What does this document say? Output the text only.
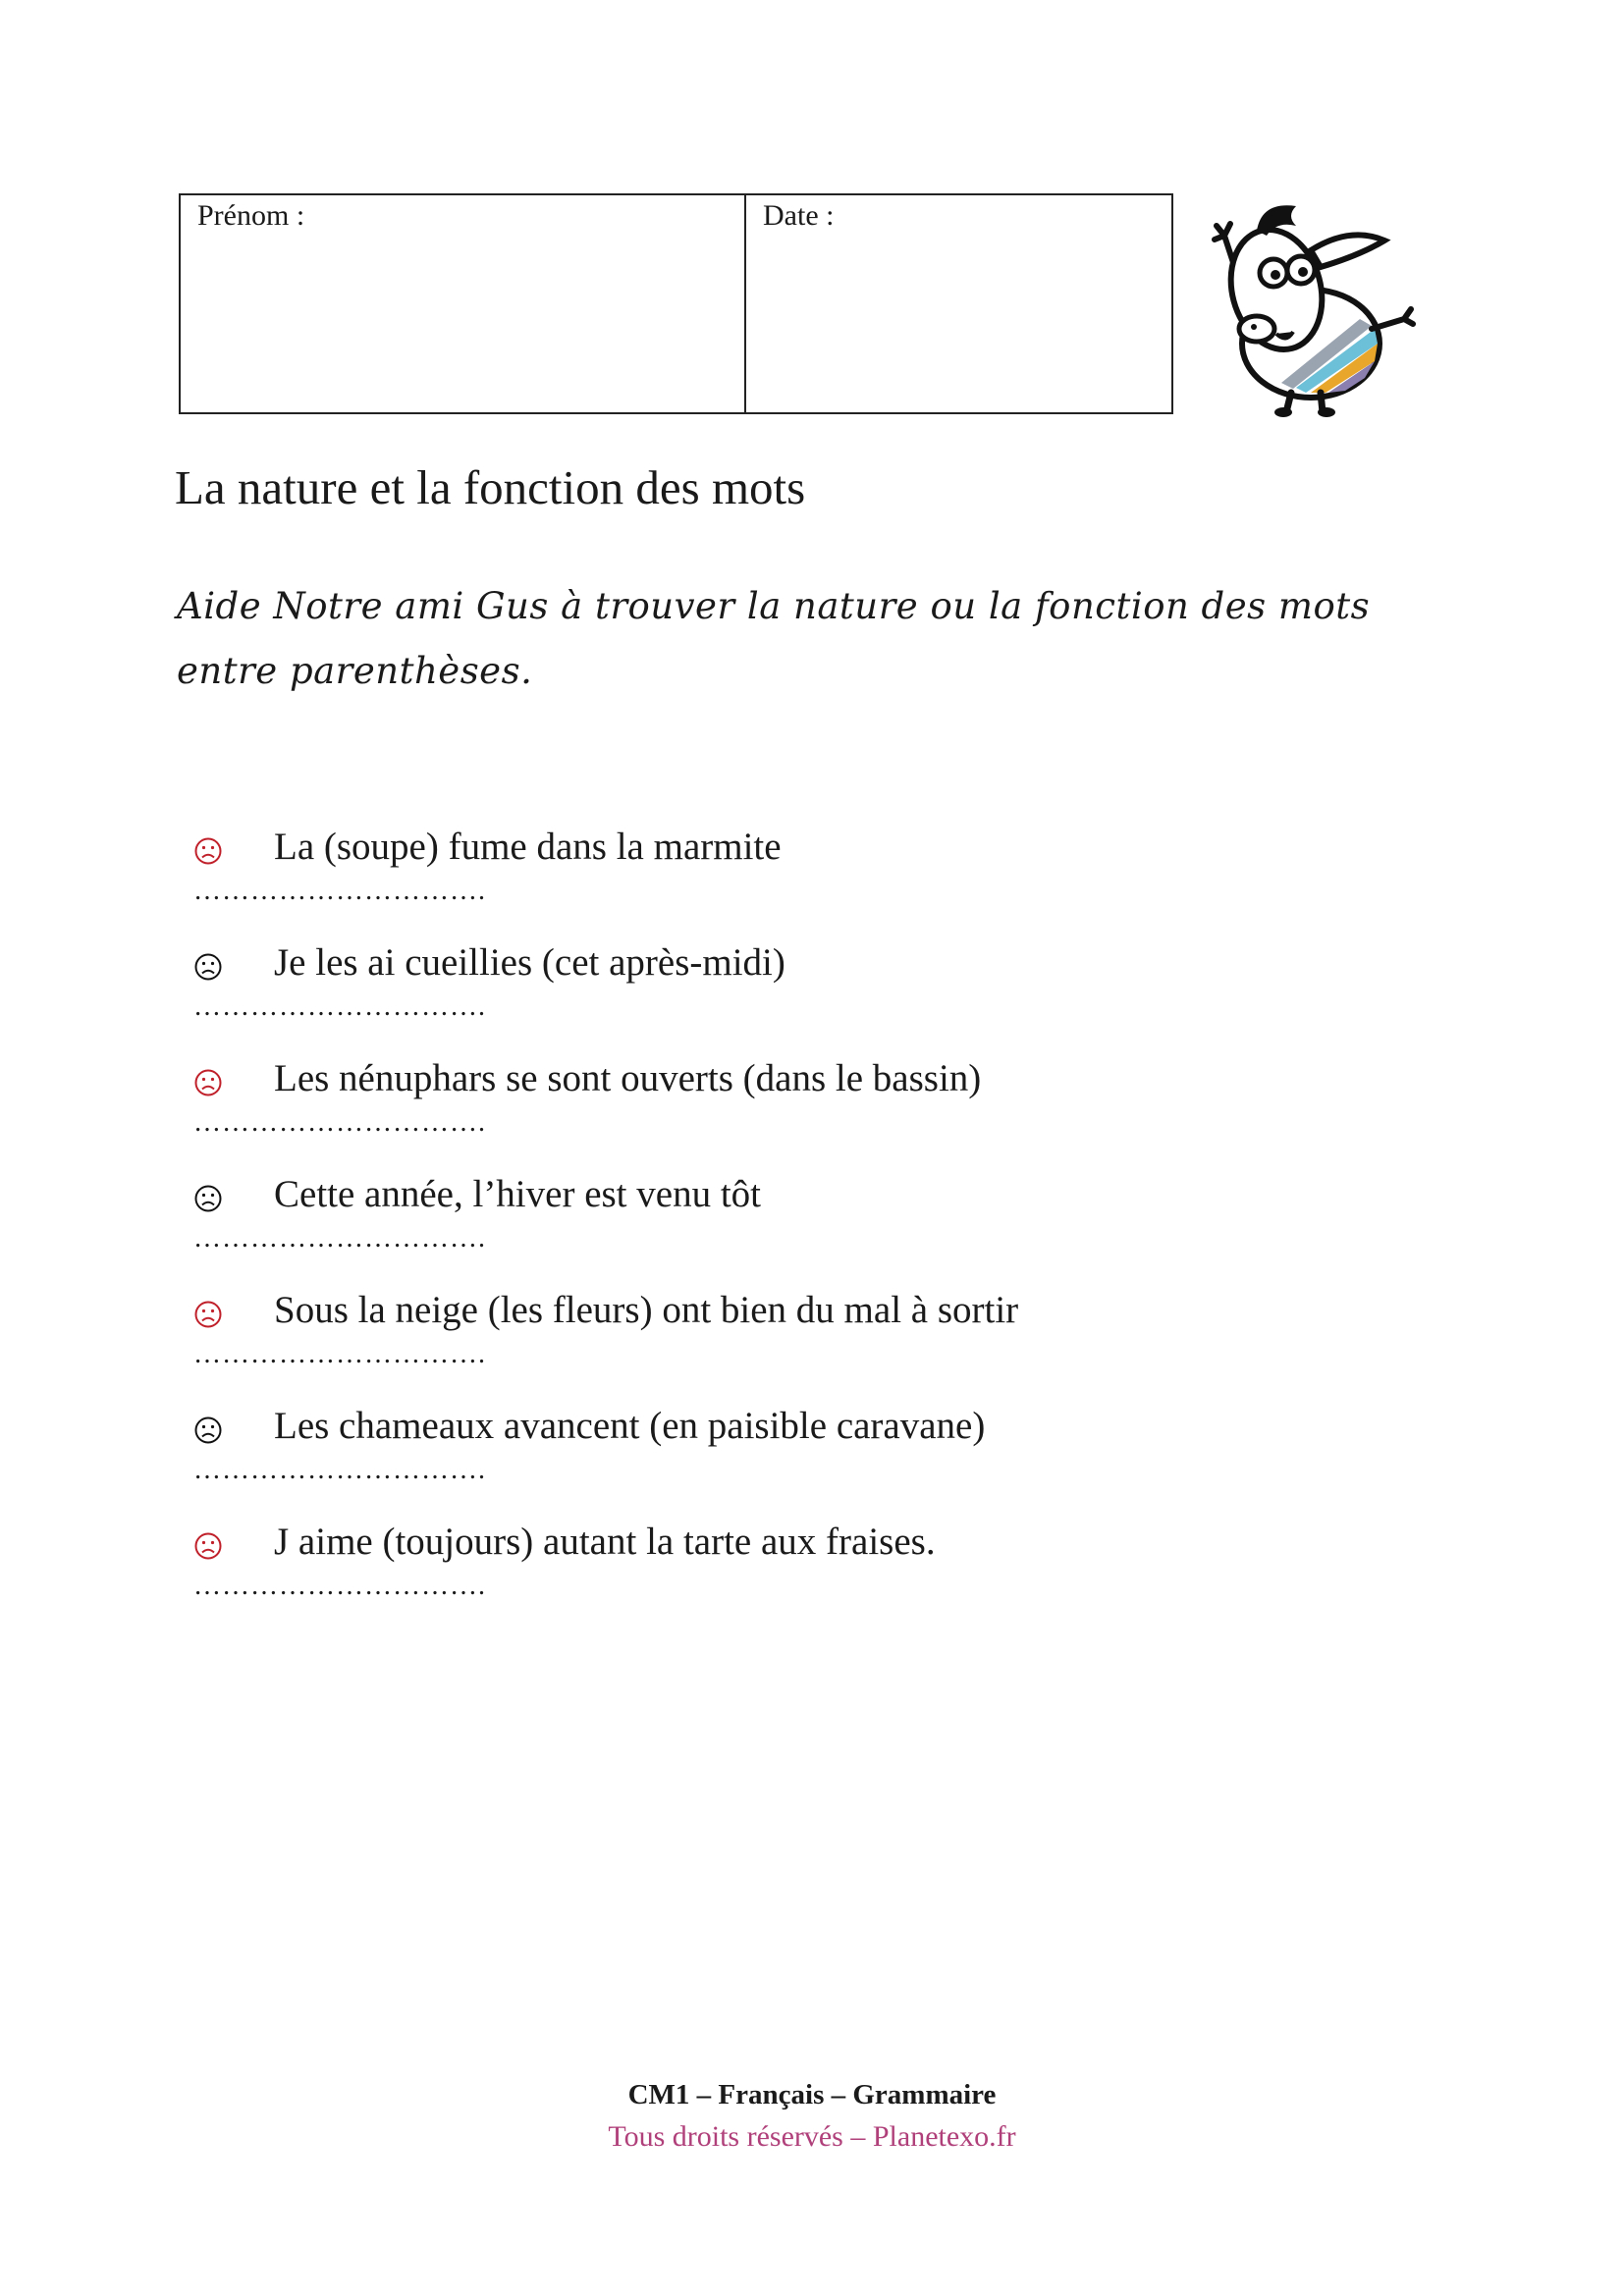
Prénom :	Date :
La nature et la fonction des mots
Aide Notre ami Gus à trouver la nature ou la fonction des mots entre parenthèses.
La (soupe) fume dans la marmite
………………………….
Je les ai cueillies (cet après-midi)
………………………….
Les nénuphars se sont ouverts (dans le bassin)
………………………….
Cette année, l’hiver est venu tôt
………………………….
Sous la neige (les fleurs) ont bien du mal à sortir
………………………….
Les chameaux avancent (en paisible caravane)
………………………….
J aime (toujours) autant la tarte aux fraises.
………………………….
CM1 – Français – Grammaire
Tous droits réservés – Planetexo.fr
